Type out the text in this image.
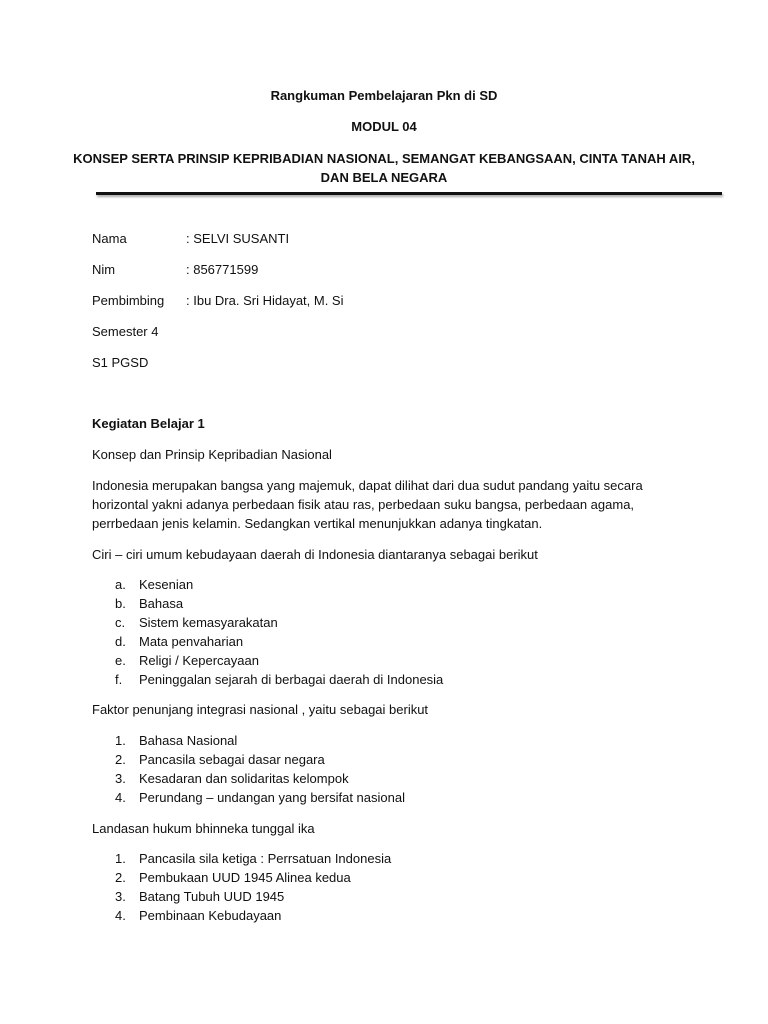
Rangkuman Pembelajaran Pkn di SD
MODUL 04
KONSEP SERTA PRINSIP KEPRIBADIAN NASIONAL, SEMANGAT KEBANGSAAN, CINTA TANAH AIR,
DAN BELA NEGARA
Nama	: SELVI SUSANTI
Nim	: 856771599
Pembimbing : Ibu Dra. Sri Hidayat, M. Si
Semester 4
S1 PGSD
Kegiatan Belajar 1
Konsep dan Prinsip Kepribadian Nasional
Indonesia merupakan bangsa yang majemuk, dapat dilihat dari dua sudut pandang yaitu secara horizontal yakni adanya perbedaan fisik atau ras, perbedaan suku bangsa, perbedaan agama, perrbedaan jenis kelamin. Sedangkan vertikal menunjukkan adanya tingkatan.
Ciri – ciri umum kebudayaan daerah di Indonesia diantaranya sebagai berikut
a. Kesenian
b. Bahasa
c. Sistem kemasyarakatan
d. Mata penvaharian
e. Religi / Kepercayaan
f. Peninggalan sejarah di berbagai daerah di Indonesia
Faktor penunjang integrasi nasional , yaitu sebagai berikut
1. Bahasa Nasional
2. Pancasila sebagai dasar negara
3. Kesadaran dan solidaritas kelompok
4. Perundang – undangan yang bersifat nasional
Landasan hukum bhinneka tunggal ika
1. Pancasila sila ketiga : Perrsatuan Indonesia
2. Pembukaan UUD 1945 Alinea kedua
3. Batang Tubuh UUD 1945
4. Pembinaan Kebudayaan
